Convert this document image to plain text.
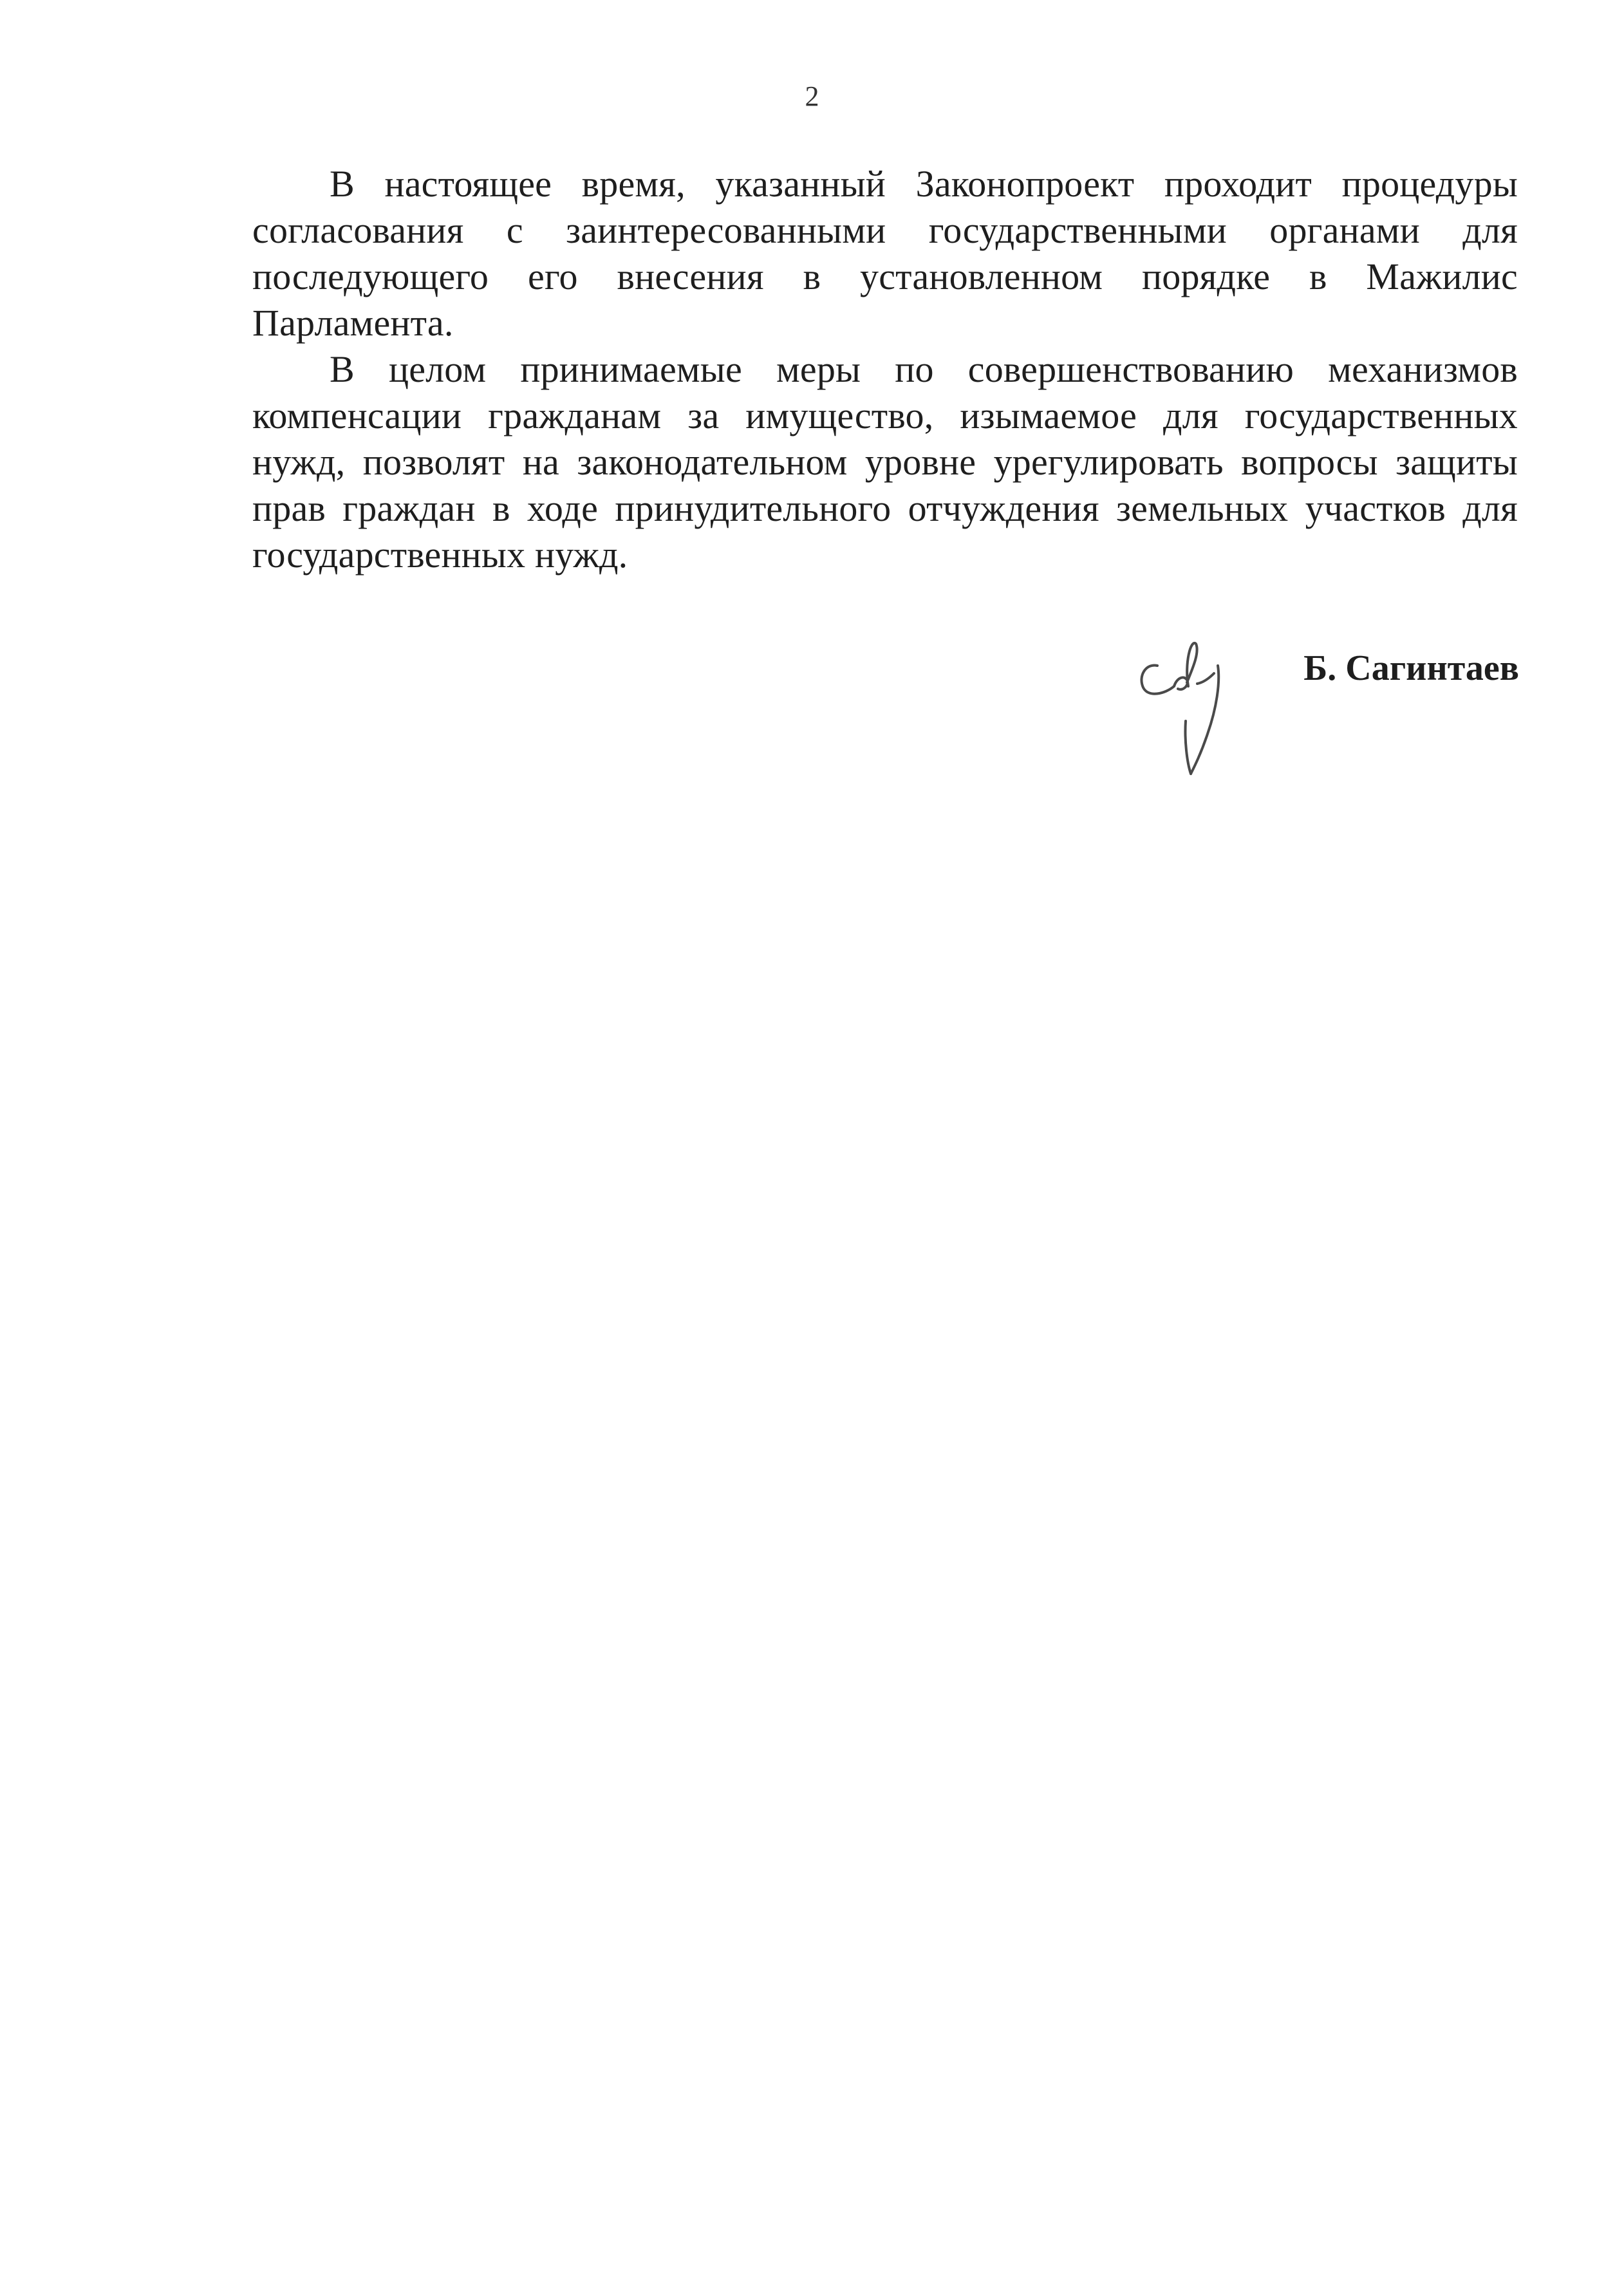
2

В настоящее время, указанный Законопроект проходит процедуры согласования с заинтересованными государственными органами для последующего его внесения в установленном порядке в Мажилис Парламента.

В целом принимаемые меры по совершенствованию механизмов компенсации гражданам за имущество, изымаемое для государственных нужд, позволят на законодательном уровне урегулировать вопросы защиты прав граждан в ходе принудительного отчуждения земельных участков для государственных нужд.

Б. Сагинтаев
